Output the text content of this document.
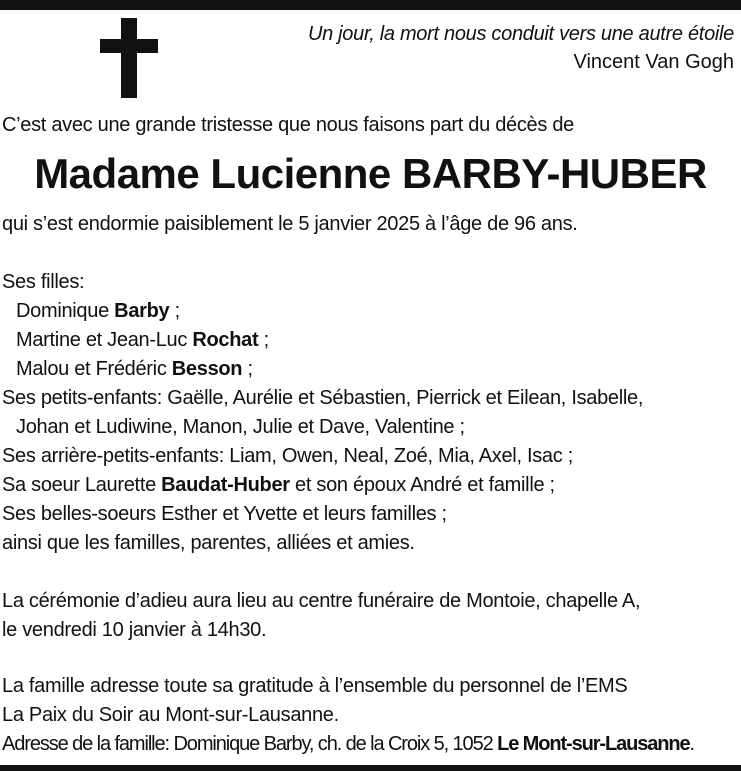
Un jour, la mort nous conduit vers une autre étoile
Vincent Van Gogh
C’est avec une grande tristesse que nous faisons part du décès de
Madame Lucienne BARBY-HUBER
qui s’est endormie paisiblement le 5 janvier 2025 à l’âge de 96 ans.
Ses filles:
Dominique Barby ;
Martine et Jean-Luc Rochat ;
Malou et Frédéric Besson ;
Ses petits-enfants: Gaëlle, Aurélie et Sébastien, Pierrick et Eilean, Isabelle,
Johan et Ludiwine, Manon, Julie et Dave, Valentine ;
Ses arrière-petits-enfants: Liam, Owen, Neal, Zoé, Mia, Axel, Isac ;
Sa soeur Laurette Baudat-Huber et son époux André et famille ;
Ses belles-soeurs Esther et Yvette et leurs familles ;
ainsi que les familles, parentes, alliées et amies.
La cérémonie d’adieu aura lieu au centre funéraire de Montoie, chapelle A,
le vendredi 10 janvier à 14h30.
La famille adresse toute sa gratitude à l’ensemble du personnel de l’EMS
La Paix du Soir au Mont-sur-Lausanne.
Adresse de la famille: Dominique Barby, ch. de la Croix 5, 1052 Le Mont-sur-Lausanne.
